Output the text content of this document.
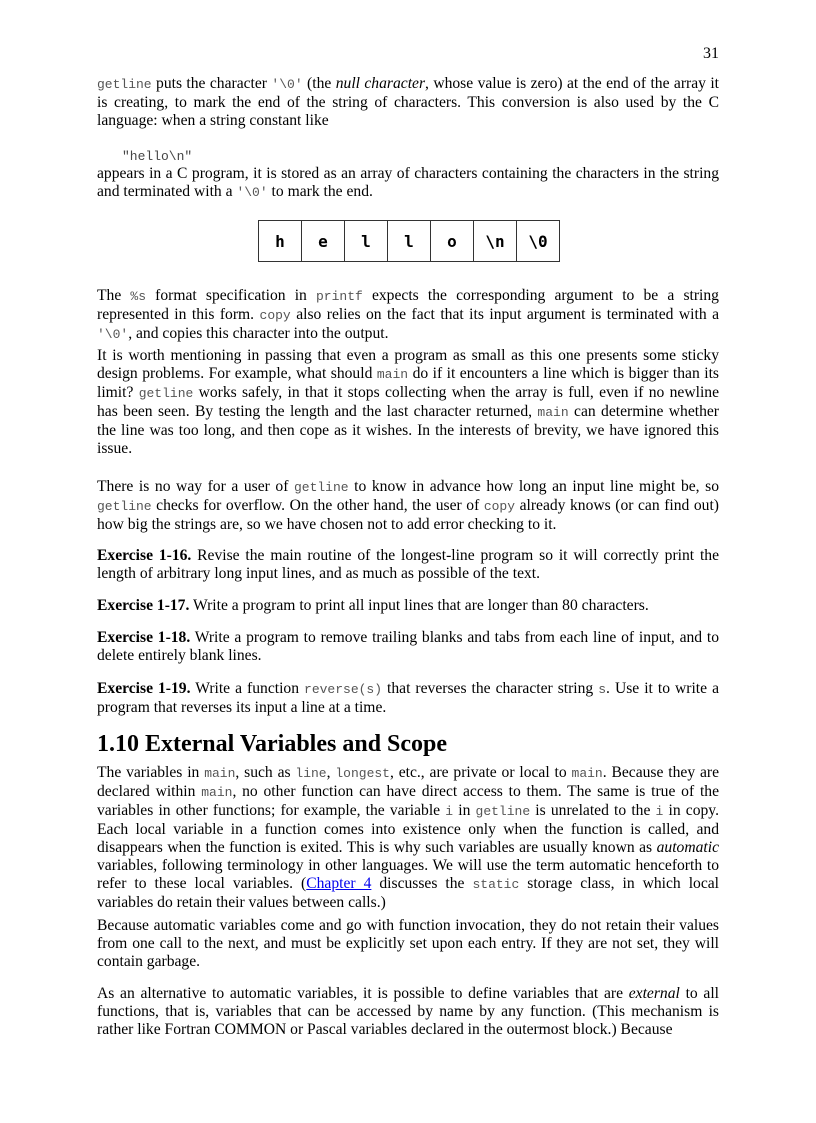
31

getline puts the character '\0' (the null character, whose value is zero) at the end of the array it is creating, to mark the end of the string of characters. This conversion is also used by the C language: when a string constant like

"hello\n"

appears in a C program, it is stored as an array of characters containing the characters in the string and terminated with a '\0' to mark the end.

h	e	l	l	o	\n	\0

The %s format specification in printf expects the corresponding argument to be a string represented in this form. copy also relies on the fact that its input argument is terminated with a '\0', and copies this character into the output.

It is worth mentioning in passing that even a program as small as this one presents some sticky design problems. For example, what should main do if it encounters a line which is bigger than its limit? getline works safely, in that it stops collecting when the array is full, even if no newline has been seen. By testing the length and the last character returned, main can determine whether the line was too long, and then cope as it wishes. In the interests of brevity, we have ignored this issue.

There is no way for a user of getline to know in advance how long an input line might be, so getline checks for overflow. On the other hand, the user of copy already knows (or can find out) how big the strings are, so we have chosen not to add error checking to it.

Exercise 1-16. Revise the main routine of the longest-line program so it will correctly print the length of arbitrary long input lines, and as much as possible of the text.

Exercise 1-17. Write a program to print all input lines that are longer than 80 characters.

Exercise 1-18. Write a program to remove trailing blanks and tabs from each line of input, and to delete entirely blank lines.

Exercise 1-19. Write a function reverse(s) that reverses the character string s. Use it to write a program that reverses its input a line at a time.

1.10 External Variables and Scope

The variables in main, such as line, longest, etc., are private or local to main. Because they are declared within main, no other function can have direct access to them. The same is true of the variables in other functions; for example, the variable i in getline is unrelated to the i in copy. Each local variable in a function comes into existence only when the function is called, and disappears when the function is exited. This is why such variables are usually known as automatic variables, following terminology in other languages. We will use the term automatic henceforth to refer to these local variables. (Chapter 4 discusses the static storage class, in which local variables do retain their values between calls.)

Because automatic variables come and go with function invocation, they do not retain their values from one call to the next, and must be explicitly set upon each entry. If they are not set, they will contain garbage.

As an alternative to automatic variables, it is possible to define variables that are external to all functions, that is, variables that can be accessed by name by any function. (This mechanism is rather like Fortran COMMON or Pascal variables declared in the outermost block.) Because
